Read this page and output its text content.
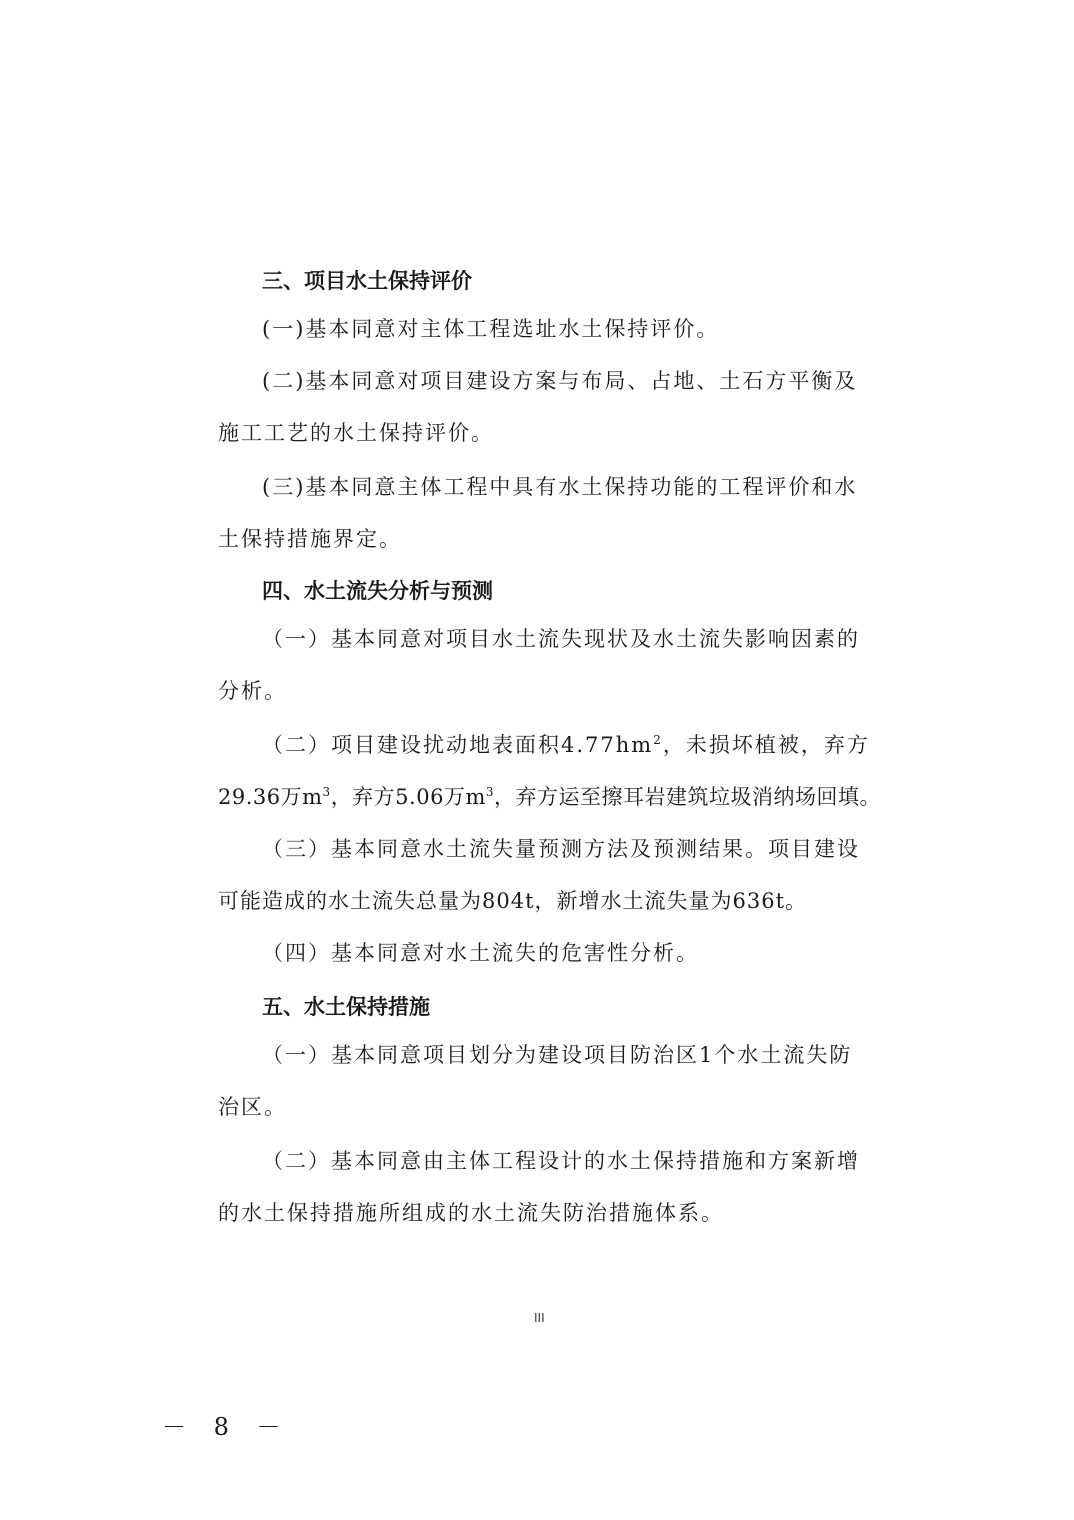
三、项目水土保持评价
(一)基本同意对主体工程选址水土保持评价。
(二)基本同意对项目建设方案与布局、占地、土石方平衡及
施工工艺的水土保持评价。
(三)基本同意主体工程中具有水土保持功能的工程评价和水
土保持措施界定。
四、水土流失分析与预测
（一）基本同意对项目水土流失现状及水土流失影响因素的
分析。
（二）项目建设扰动地表面积$4.77hm^2$，未损坏植被，弃方
29.36万$m^3$，弃方5.06万$m^3$，弃方运至擦耳岩建筑垃圾消纳场回填。
（三）基本同意水土流失量预测方法及预测结果。项目建设
可能造成的水土流失总量为804t，新增水土流失量为636t。
（四）基本同意对水土流失的危害性分析。
五、水土保持措施
（一）基本同意项目划分为建设项目防治区1个水土流失防
治区。
（二）基本同意由主体工程设计的水土保持措施和方案新增
的水土保持措施所组成的水土流失防治措施体系。
III
－ 8 －
